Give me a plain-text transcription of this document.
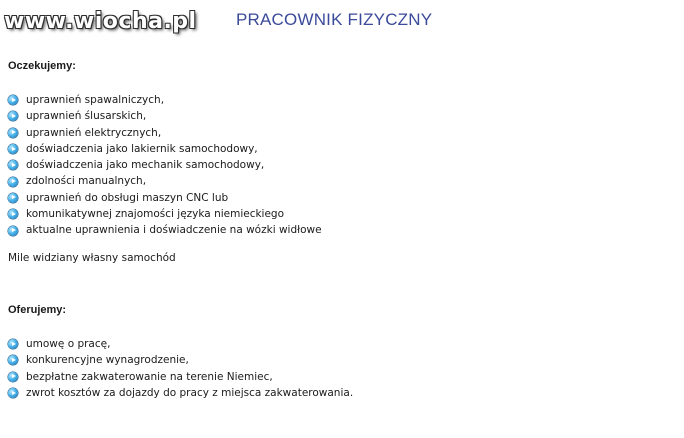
www.wiocha.pl PRACOWNIK FIZYCZNY
Oczekujemy:
uprawnień spawalniczych,
uprawnień ślusarskich,
uprawnień elektrycznych,
doświadczenia jako lakiernik samochodowy,
doświadczenia jako mechanik samochodowy,
zdolności manualnych,
uprawnień do obsługi maszyn CNC lub
komunikatywnej znajomości języka niemieckiego
aktualne uprawnienia i doświadczenie na wózki widłowe
Mile widziany własny samochód
Oferujemy:
umowę o pracę,
konkurencyjne wynagrodzenie,
bezpłatne zakwaterowanie na terenie Niemiec,
zwrot kosztów za dojazdy do pracy z miejsca zakwaterowania.
